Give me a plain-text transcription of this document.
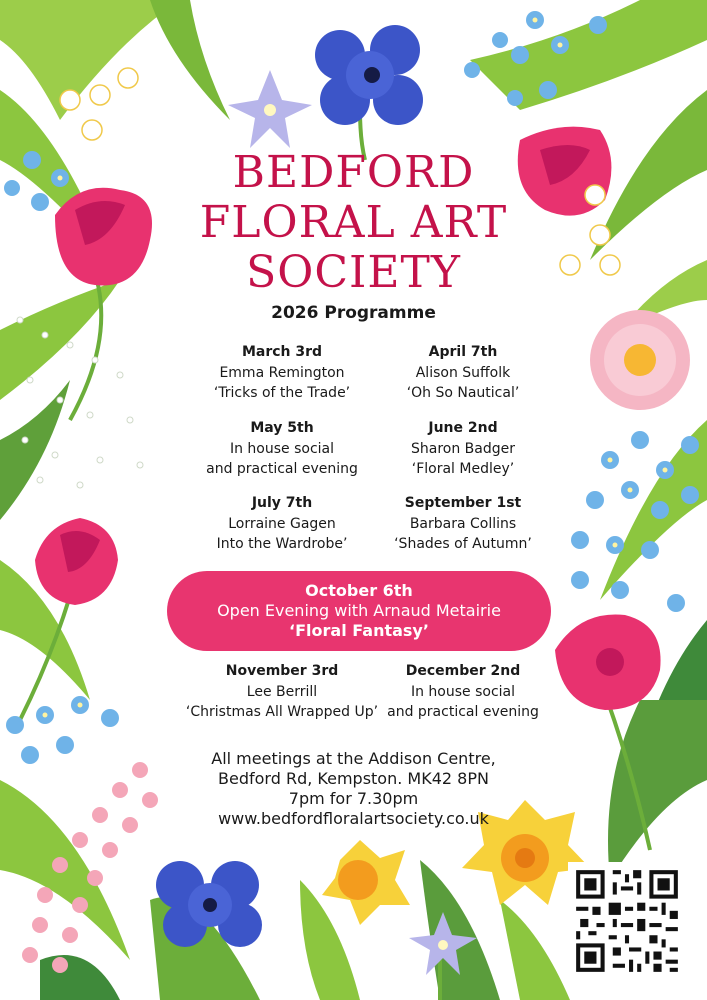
BEDFORD
FLORAL ART
SOCIETY
2026 Programme
March 3rd
Emma Remington
‘Tricks of the Trade’
April 7th
Alison Suffolk
‘Oh So Nautical’
May 5th
In house social
and practical evening
June 2nd
Sharon Badger
‘Floral Medley’
July 7th
Lorraine Gagen
Into the Wardrobe’
September 1st
Barbara Collins
‘Shades of Autumn’
October 6th
Open Evening with Arnaud Metairie
‘Floral Fantasy’
November 3rd
Lee Berrill
‘Christmas All Wrapped Up’
December 2nd
In house social
and practical evening
All meetings at the Addison Centre,
Bedford Rd, Kempston. MK42 8PN
7pm for 7.30pm
www.bedfordfloralartsociety.co.uk
